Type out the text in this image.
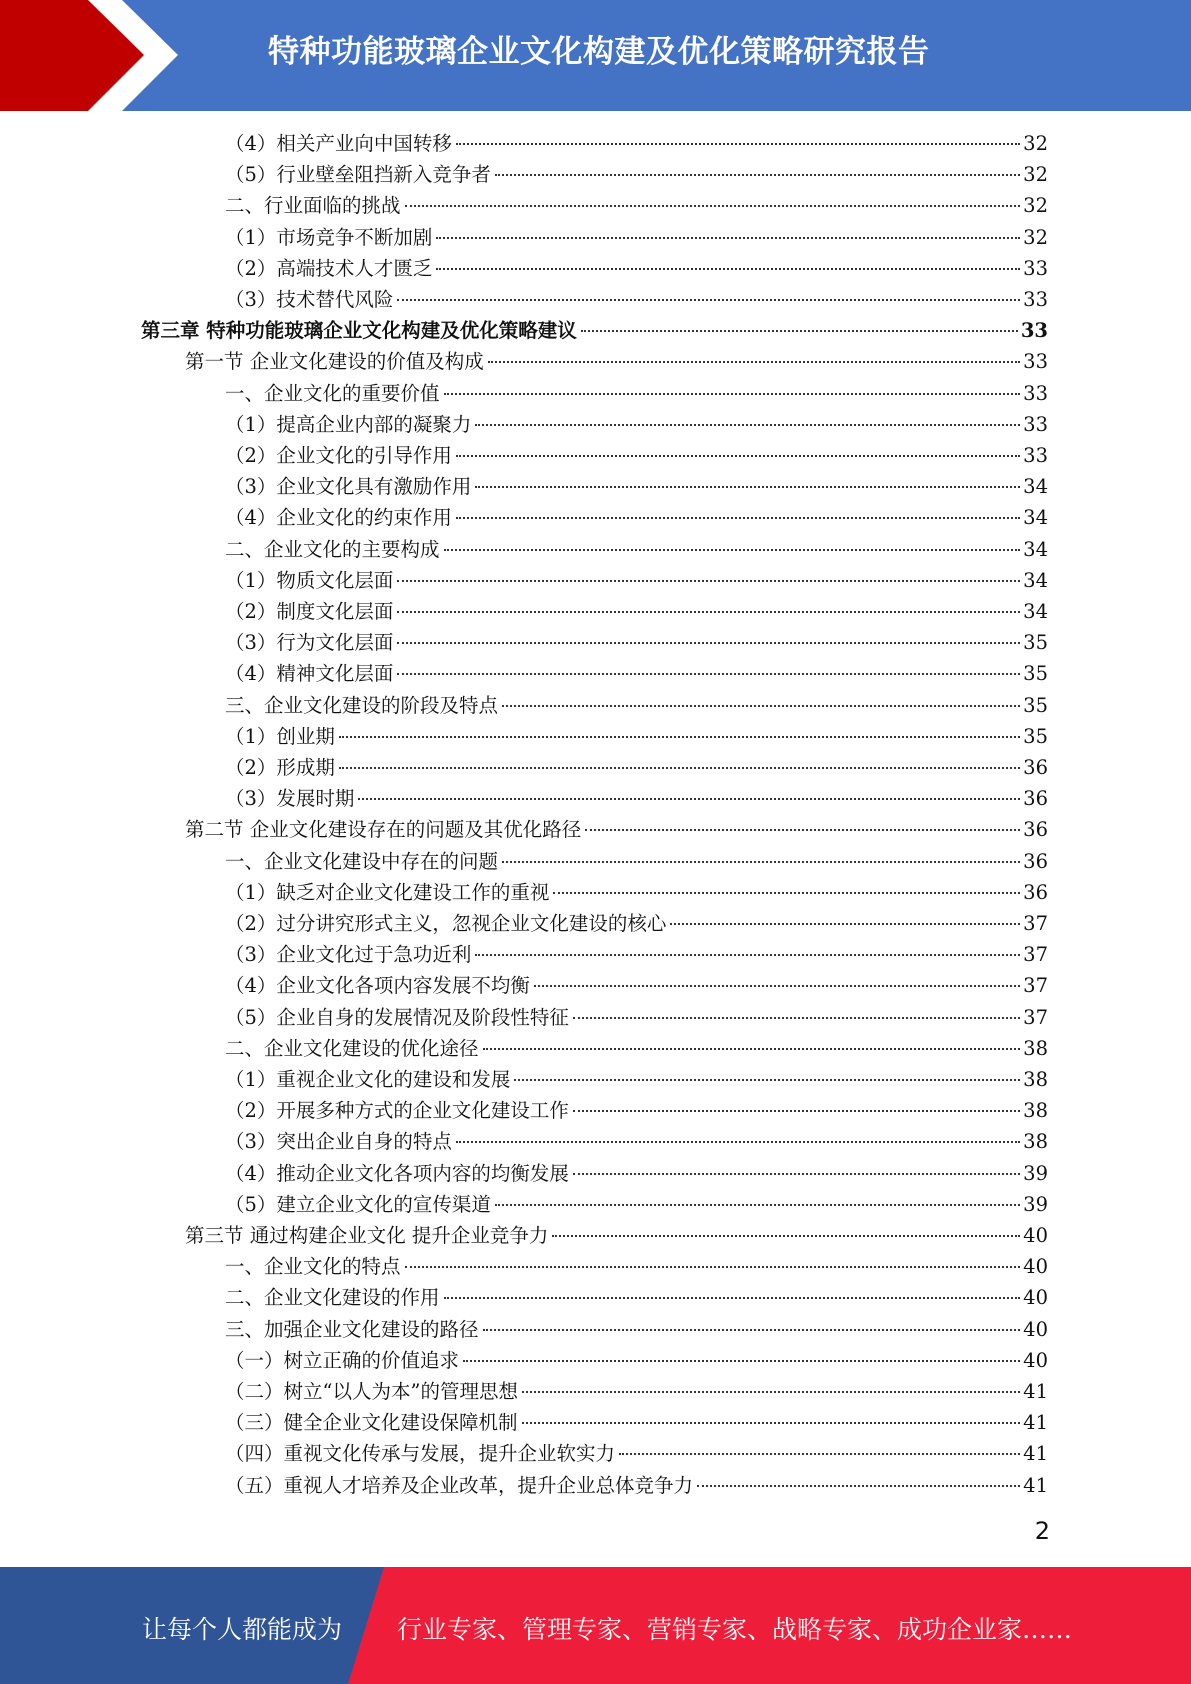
特种功能玻璃企业文化构建及优化策略研究报告
（4）相关产业向中国转移	32
（5）行业壁垒阻挡新入竞争者	32
二、行业面临的挑战	32
（1）市场竞争不断加剧	32
（2）高端技术人才匮乏	33
（3）技术替代风险	33
第三章 特种功能玻璃企业文化构建及优化策略建议	33
第一节 企业文化建设的价值及构成	33
一、企业文化的重要价值	33
（1）提高企业内部的凝聚力	33
（2）企业文化的引导作用	33
（3）企业文化具有激励作用	34
（4）企业文化的约束作用	34
二、企业文化的主要构成	34
（1）物质文化层面	34
（2）制度文化层面	34
（3）行为文化层面	35
（4）精神文化层面	35
三、企业文化建设的阶段及特点	35
（1）创业期	35
（2）形成期	36
（3）发展时期	36
第二节 企业文化建设存在的问题及其优化路径	36
一、企业文化建设中存在的问题	36
（1）缺乏对企业文化建设工作的重视	36
（2）过分讲究形式主义，忽视企业文化建设的核心	37
（3）企业文化过于急功近利	37
（4）企业文化各项内容发展不均衡	37
（5）企业自身的发展情况及阶段性特征	37
二、企业文化建设的优化途径	38
（1）重视企业文化的建设和发展	38
（2）开展多种方式的企业文化建设工作	38
（3）突出企业自身的特点	38
（4）推动企业文化各项内容的均衡发展	39
（5）建立企业文化的宣传渠道	39
第三节 通过构建企业文化 提升企业竞争力	40
一、企业文化的特点	40
二、企业文化建设的作用	40
三、加强企业文化建设的路径	40
（一）树立正确的价值追求	40
（二）树立“以人为本”的管理思想	41
（三）健全企业文化建设保障机制	41
（四）重视文化传承与发展，提升企业软实力	41
（五）重视人才培养及企业改革，提升企业总体竞争力	41
2
让每个人都能成为 行业专家、管理专家、营销专家、战略专家、成功企业家……
